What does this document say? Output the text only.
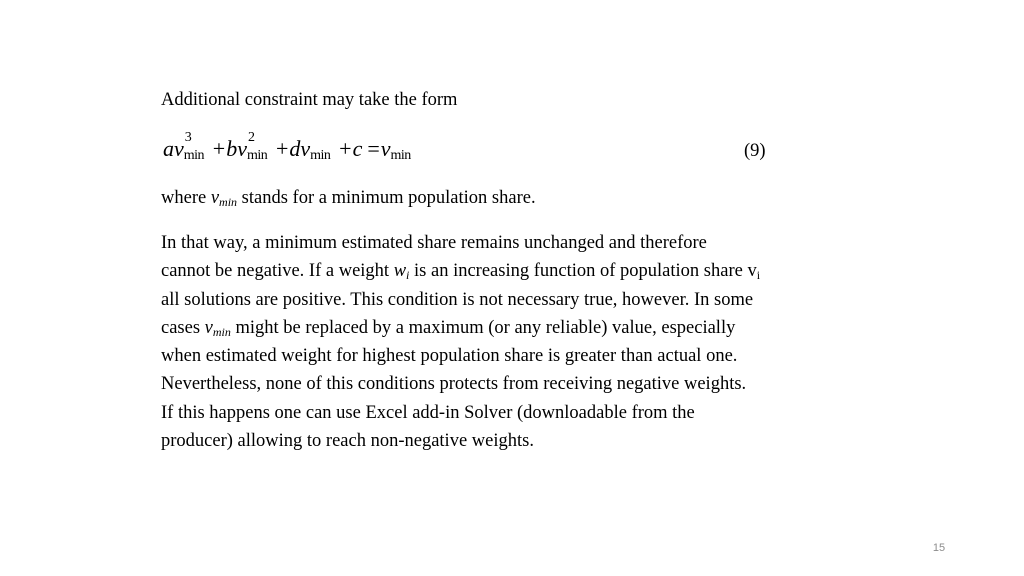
Additional constraint may take the form
av 3
min +bv 2
min +dv min +c =v min	(9)
where $v_{min}$ stands for a minimum population share.
In that way, a minimum estimated share remains unchanged and therefore
cannot be negative. If a weight $w_i$ is an increasing function of population share vi
all solutions are positive. This condition is not necessary true, however. In some
cases $v_{min}$ might be replaced by a maximum (or any reliable) value, especially
when estimated weight for highest population share is greater than actual one.
Nevertheless, none of this conditions protects from receiving negative weights.
If this happens one can use Excel add-in Solver (downloadable from the
producer) allowing to reach non-negative weights.
15
